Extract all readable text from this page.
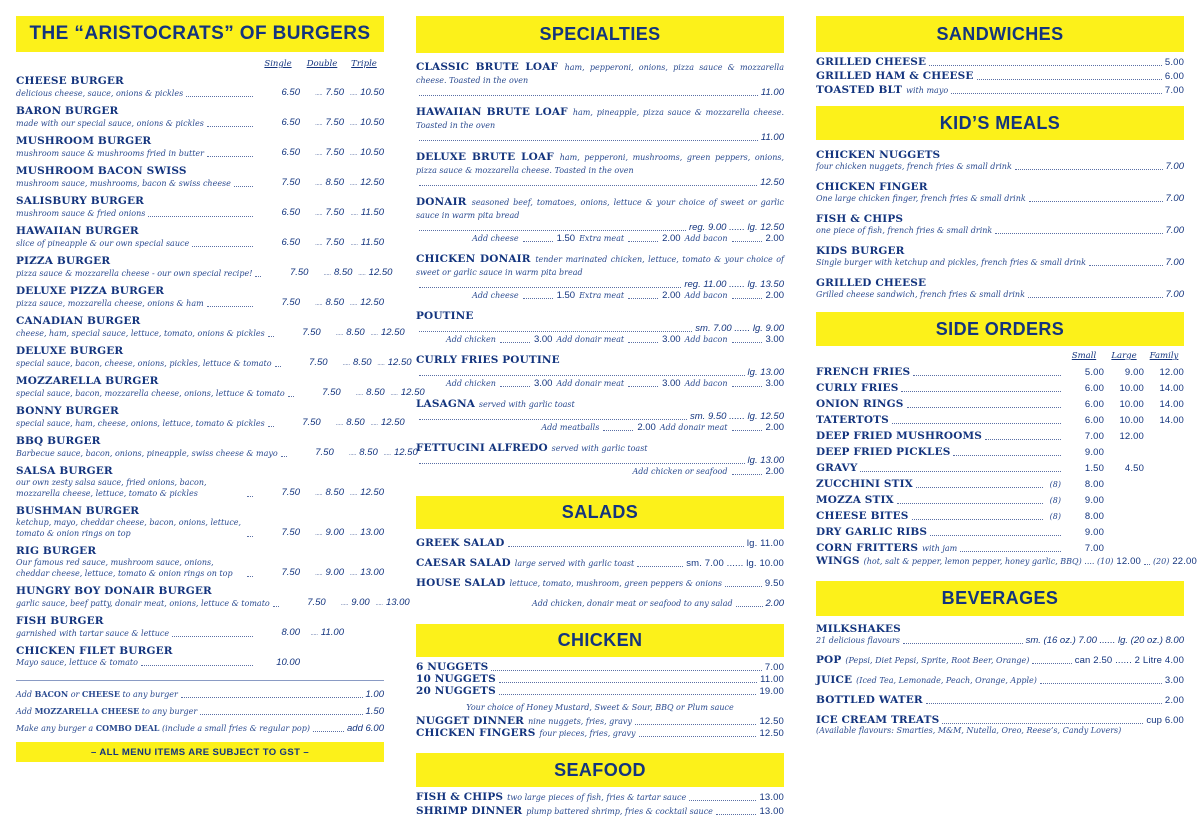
THE “ARISTOCRATS” OF BURGERS
Single	Double	Triple
CHEESE BURGER
delicious cheese, sauce, onions & pickles	6.50	..... 7.50	..... 10.50
BARON BURGER
made with our special sauce, onions & pickles	6.50	..... 7.50	..... 10.50
MUSHROOM BURGER
mushroom sauce & mushrooms fried in butter	6.50	..... 7.50	..... 10.50
MUSHROOM BACON SWISS
mushroom sauce, mushrooms, bacon & swiss cheese	7.50	..... 8.50	..... 12.50
SALISBURY BURGER
mushroom sauce & fried onions	6.50	..... 7.50	..... 11.50
HAWAIIAN BURGER
slice of pineapple & our own special sauce	6.50	..... 7.50	..... 11.50
PIZZA BURGER
pizza sauce & mozzarella cheese - our own special recipe!	7.50	..... 8.50	..... 12.50
DELUXE PIZZA BURGER
pizza sauce, mozzarella cheese, onions & ham	7.50	..... 8.50	..... 12.50
CANADIAN BURGER
cheese, ham, special sauce, lettuce, tomato, onions & pickles	7.50	..... 8.50	..... 12.50
DELUXE BURGER
special sauce, bacon, cheese, onions, pickles, lettuce & tomato	7.50	..... 8.50	..... 12.50
MOZZARELLA BURGER
special sauce, bacon, mozzarella cheese, onions, lettuce & tomato	7.50	..... 8.50	..... 12.50
BONNY BURGER
special sauce, ham, cheese, onions, lettuce, tomato & pickles	7.50	..... 8.50	..... 12.50
BBQ BURGER
Barbecue sauce, bacon, onions, pineapple, swiss cheese & mayo	7.50	..... 8.50	..... 12.50
SALSA BURGER
our own zesty salsa sauce, fried onions, bacon, mozzarella cheese, lettuce, tomato & pickles	7.50	..... 8.50	..... 12.50
BUSHMAN BURGER
ketchup, mayo, cheddar cheese, bacon, onions, lettuce, tomato & onion rings on top	7.50	..... 9.00	..... 13.00
RIG BURGER
Our famous red sauce, mushroom sauce, onions, cheddar cheese, lettuce, tomato & onion rings on top	7.50	..... 9.00	..... 13.00
HUNGRY BOY DONAIR BURGER
garlic sauce, beef patty, donair meat, onions, lettuce & tomato	7.50	..... 9.00	..... 13.00
FISH BURGER
garnished with tartar sauce & lettuce	8.00	..... 11.00
CHICKEN FILET BURGER
Mayo sauce, lettuce & tomato	10.00
Add BACON or CHEESE to any burger	1.00
Add MOZZARELLA CHEESE to any burger	1.50
Make any burger a COMBO DEAL (include a small fries & regular pop)	add 6.00
– ALL MENU ITEMS ARE SUBJECT TO GST –
SPECIALTIES
CLASSIC BRUTE LOAF ham, pepperoni, onions, pizza sauce & mozzarella cheese. Toasted in the oven
11.00
HAWAIIAN BRUTE LOAF ham, pineapple, pizza sauce & mozzarella cheese. Toasted in the oven
11.00
DELUXE BRUTE LOAF ham, pepperoni, mushrooms, green peppers, onions, pizza sauce & mozzarella cheese. Toasted in the oven
12.50
DONAIR seasoned beef, tomatoes, onions, lettuce & your choice of sweet or garlic sauce in warm pita bread
reg. 9.00 ...... lg. 12.50
Add cheese	1.50 Extra meat	2.00 Add bacon	2.00
CHICKEN DONAIR tender marinated chicken, lettuce, tomato & your choice of sweet or garlic sauce in warm pita bread
reg. 11.00 ...... lg. 13.50
Add cheese	1.50 Extra meat	2.00 Add bacon	2.00
POUTINE
sm. 7.00 ...... lg. 9.00
Add chicken	3.00 Add donair meat	3.00 Add bacon	3.00
CURLY FRIES POUTINE
lg. 13.00
Add chicken	3.00 Add donair meat	3.00 Add bacon	3.00
LASAGNA served with garlic toast
sm. 9.50 ...... lg. 12.50
Add meatballs	2.00 Add donair meat	2.00
FETTUCINI ALFREDO served with garlic toast
lg. 13.00
Add chicken or seafood	2.00
SALADS
GREEK SALAD	lg. 11.00
CAESAR SALAD large served with garlic toast	sm. 7.00 ...... lg. 10.00
HOUSE SALAD lettuce, tomato, mushroom, green peppers & onions	9.50
Add chicken, donair meat or seafood to any salad	2.00
CHICKEN
6 NUGGETS	7.00
10 NUGGETS	11.00
20 NUGGETS	19.00
Your choice of Honey Mustard, Sweet & Sour, BBQ or Plum sauce
NUGGET DINNER nine nuggets, fries, gravy	12.50
CHICKEN FINGERS four pieces, fries, gravy	12.50
SEAFOOD
FISH & CHIPS two large pieces of fish, fries & tartar sauce	13.00
SHRIMP DINNER plump battered shrimp, fries & cocktail sauce	13.00
SANDWICHES
GRILLED CHEESE	5.00
GRILLED HAM & CHEESE	6.00
TOASTED BLT with mayo	7.00
KID’S MEALS
CHICKEN NUGGETS
four chicken nuggets, french fries & small drink	7.00
CHICKEN FINGER
One large chicken finger, french fries & small drink	7.00
FISH & CHIPS
one piece of fish, french fries & small drink	7.00
KIDS BURGER
Single burger with ketchup and pickles, french fries & small drink	7.00
GRILLED CHEESE
Grilled cheese sandwich, french fries & small drink	7.00
SIDE ORDERS
Small	Large	Family
FRENCH FRIES	5.00	9.00	12.00
CURLY FRIES	6.00	10.00	14.00
ONION RINGS	6.00	10.00	14.00
TATERTOTS	6.00	10.00	14.00
DEEP FRIED MUSHROOMS	7.00	12.00
DEEP FRIED PICKLES	9.00
GRAVY	1.50	4.50
ZUCCHINI STIX	(8)	8.00
MOZZA STIX	(8)	9.00
CHEESE BITES	(8)	8.00
DRY GARLIC RIBS	9.00
CORN FRITTERS with jam	7.00
WINGS (hot, salt & pepper, lemon pepper, honey garlic, BBQ) .... (10) 12.00 (20) 22.00
BEVERAGES
MILKSHAKES
21 delicious flavours	sm. (16 oz.) 7.00 ...... lg. (20 oz.) 8.00
POP (Pepsi, Diet Pepsi, Sprite, Root Beer, Orange)	can 2.50 ...... 2 Litre 4.00
JUICE (Iced Tea, Lemonade, Peach, Orange, Apple)	3.00
BOTTLED WATER	2.00
ICE CREAM TREATS	cup 6.00
(Available flavours: Smarties, M&M, Nutella, Oreo, Reese’s, Candy Lovers)
